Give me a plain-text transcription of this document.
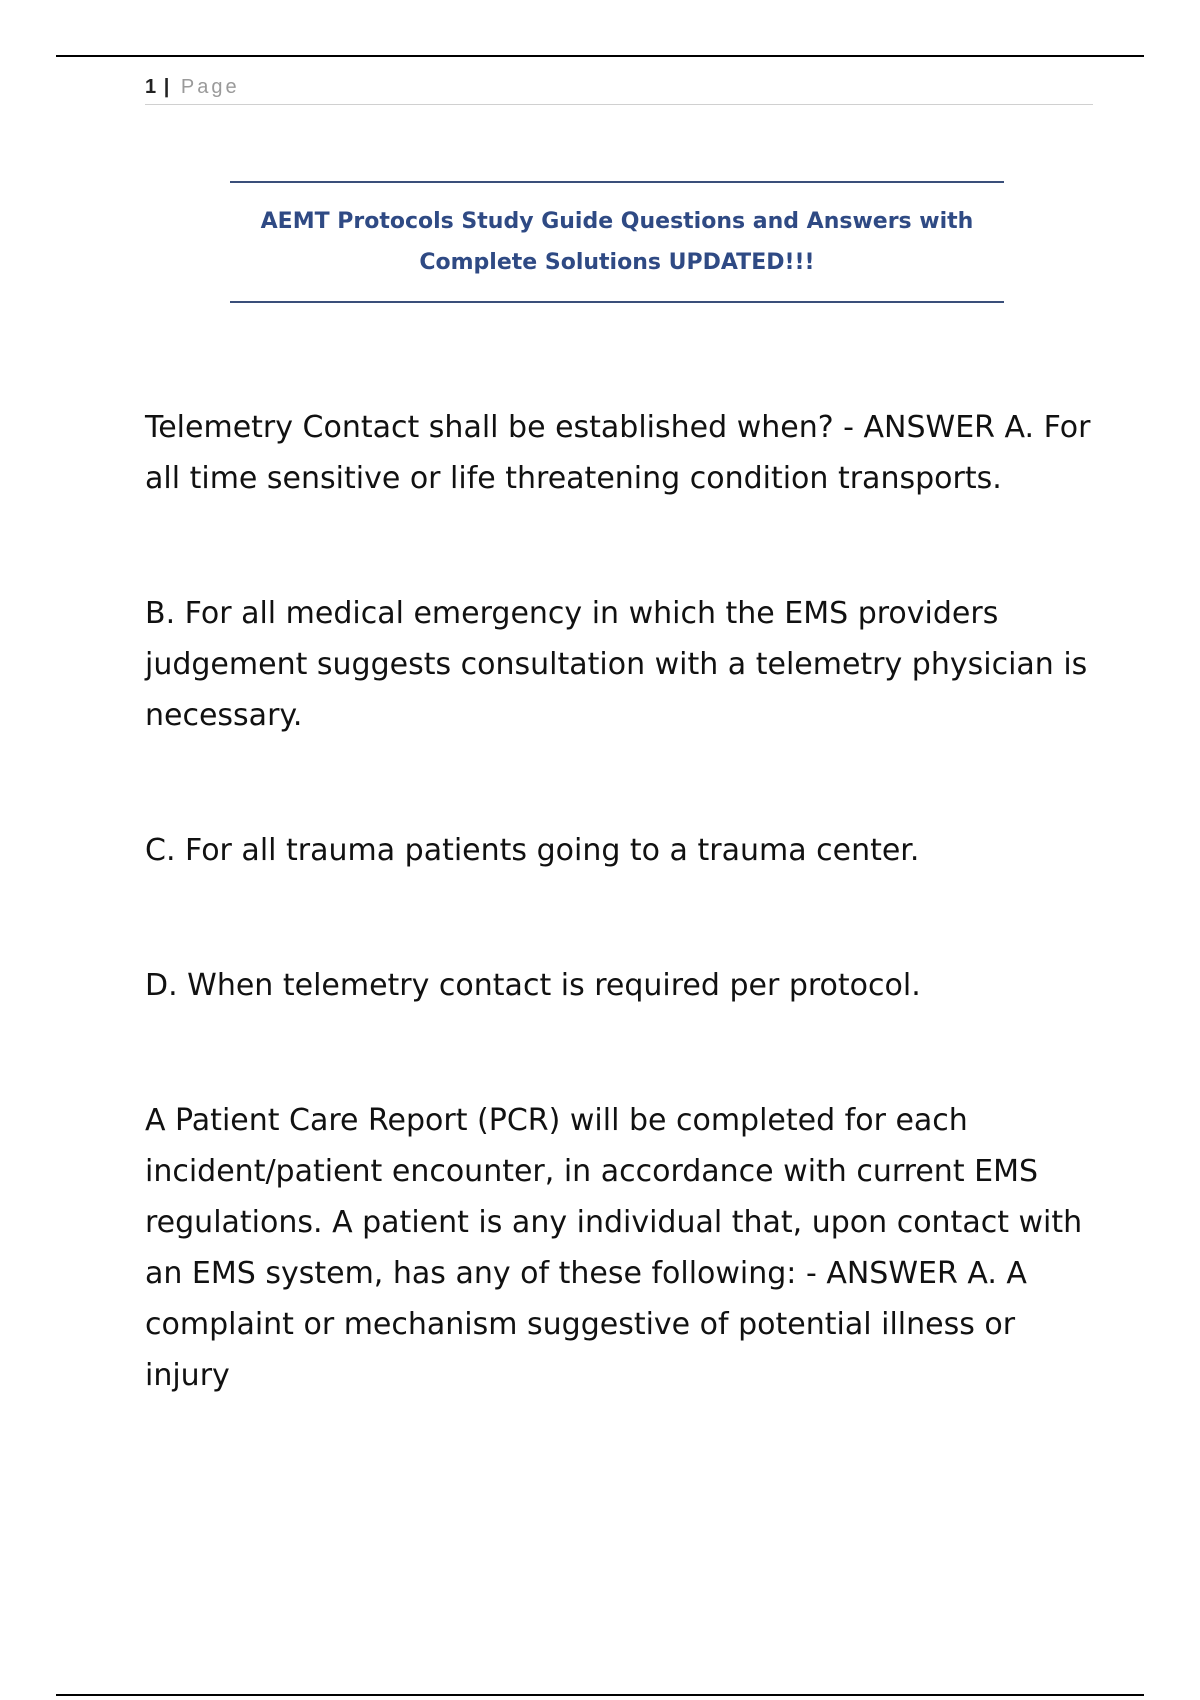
1 | Page
AEMT Protocols Study Guide Questions and Answers with
Complete Solutions UPDATED!!!

Telemetry Contact shall be established when? - ANSWER A. For all time sensitive or life threatening condition transports.

B. For all medical emergency in which the EMS providers judgement suggests consultation with a telemetry physician is necessary.

C. For all trauma patients going to a trauma center.

D. When telemetry contact is required per protocol.

A Patient Care Report (PCR) will be completed for each incident/patient encounter, in accordance with current EMS regulations. A patient is any individual that, upon contact with an EMS system, has any of these following: - ANSWER A. A complaint or mechanism suggestive of potential illness or injury
